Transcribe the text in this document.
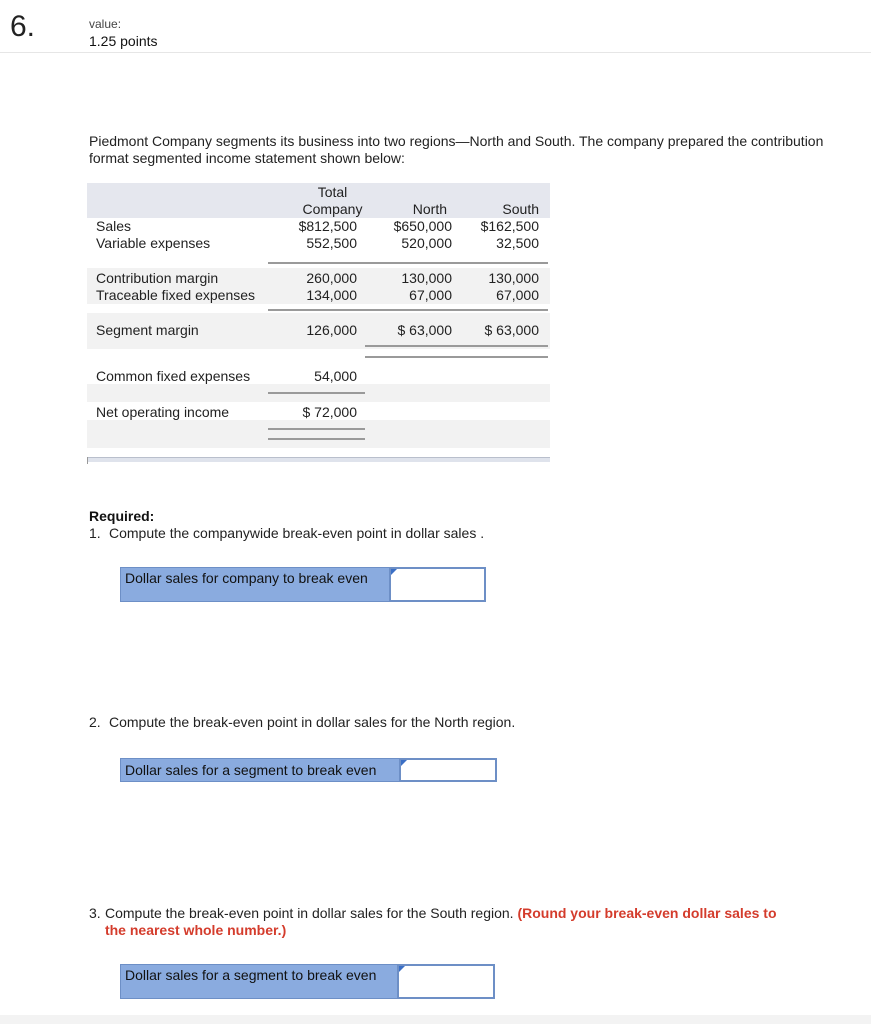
6.	value:
1.25 points
Piedmont Company segments its business into two regions—North and South. The company prepared the contribution format segmented income statement shown below:
Total
Company	North	South
Sales	$812,500	$650,000	$162,500
Variable expenses	552,500	520,000	32,500
Contribution margin	260,000	130,000	130,000
Traceable fixed expenses	134,000	67,000	67,000
Segment margin	126,000	$ 63,000	$ 63,000
Common fixed expenses	54,000
Net operating income	$ 72,000
Required:
1. Compute the companywide break-even point in dollar sales .
Dollar sales for company to break even
2. Compute the break-even point in dollar sales for the North region.
Dollar sales for a segment to break even
3. Compute the break-even point in dollar sales for the South region. (Round your break-even dollar sales to the nearest whole number.)
Dollar sales for a segment to break even
